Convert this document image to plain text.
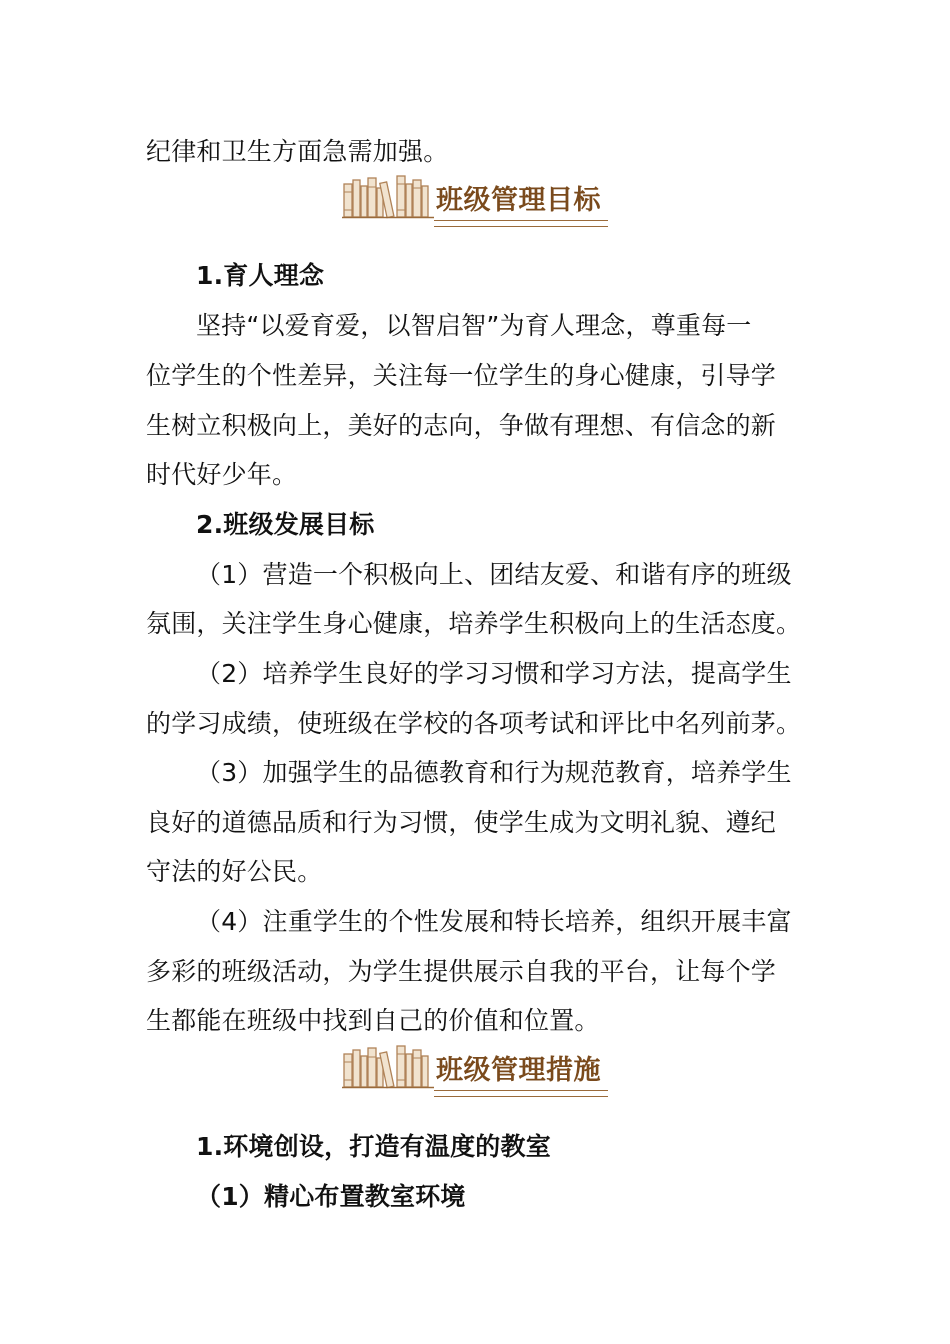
纪律和卫生方面急需加强。
班级管理目标
1.育人理念
坚持“以爱育爱，以智启智”为育人理念，尊重每一
位学生的个性差异，关注每一位学生的身心健康，引导学
生树立积极向上，美好的志向，争做有理想、有信念的新
时代好少年。
2.班级发展目标
（1）营造一个积极向上、团结友爱、和谐有序的班级
氛围，关注学生身心健康，培养学生积极向上的生活态度。
（2）培养学生良好的学习习惯和学习方法，提高学生
的学习成绩，使班级在学校的各项考试和评比中名列前茅。
（3）加强学生的品德教育和行为规范教育，培养学生
良好的道德品质和行为习惯，使学生成为文明礼貌、遵纪
守法的好公民。
（4）注重学生的个性发展和特长培养，组织开展丰富
多彩的班级活动，为学生提供展示自我的平台，让每个学
生都能在班级中找到自己的价值和位置。
班级管理措施
1.环境创设，打造有温度的教室
（1）精心布置教室环境
